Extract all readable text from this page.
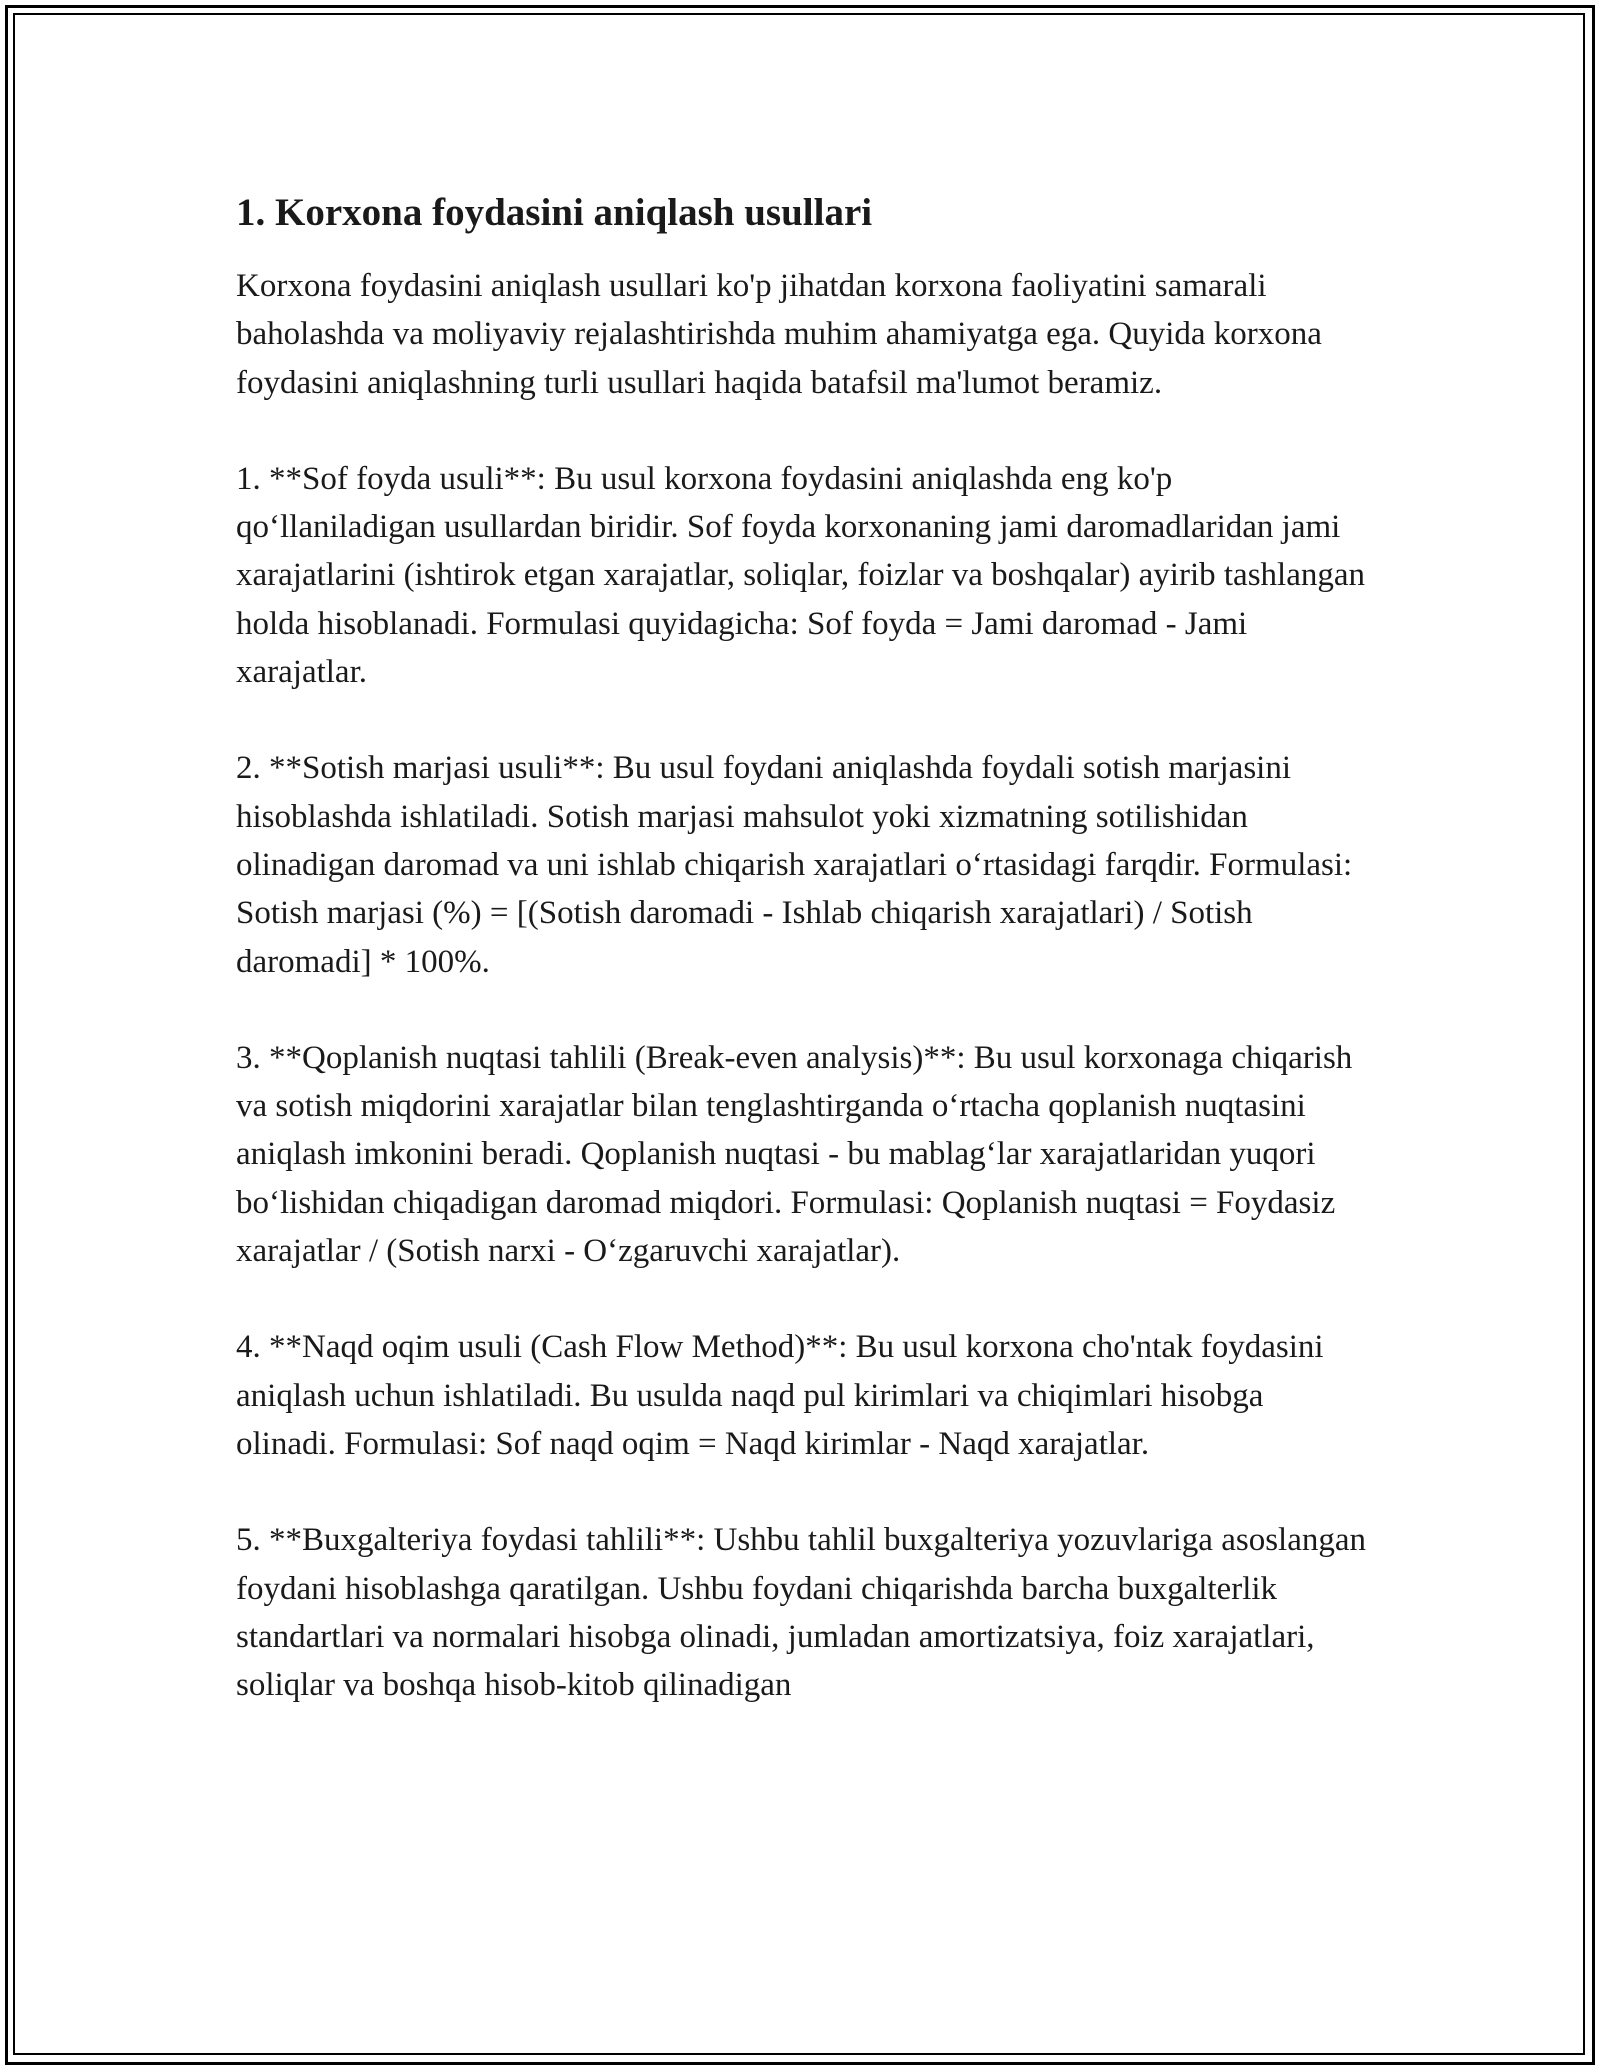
1. Korxona foydasini aniqlash usullari

Korxona foydasini aniqlash usullari ko'p jihatdan korxona faoliyatini samarali baholashda va moliyaviy rejalashtirishda muhim ahamiyatga ega. Quyida korxona foydasini aniqlashning turli usullari haqida batafsil ma'lumot beramiz.

1. **Sof foyda usuli**: Bu usul korxona foydasini aniqlashda eng ko'p qo‘llaniladigan usullardan biridir. Sof foyda korxonaning jami daromadlaridan jami xarajatlarini (ishtirok etgan xarajatlar, soliqlar, foizlar va boshqalar) ayirib tashlangan holda hisoblanadi. Formulasi quyidagicha: Sof foyda = Jami daromad - Jami xarajatlar.

2. **Sotish marjasi usuli**: Bu usul foydani aniqlashda foydali sotish marjasini hisoblashda ishlatiladi. Sotish marjasi mahsulot yoki xizmatning sotilishidan olinadigan daromad va uni ishlab chiqarish xarajatlari o‘rtasidagi farqdir. Formulasi: Sotish marjasi (%) = [(Sotish daromadi - Ishlab chiqarish xarajatlari) / Sotish daromadi] * 100%.

3. **Qoplanish nuqtasi tahlili (Break-even analysis)**: Bu usul korxonaga chiqarish va sotish miqdorini xarajatlar bilan tenglashtirganda o‘rtacha qoplanish nuqtasini aniqlash imkonini beradi. Qoplanish nuqtasi - bu mablag‘lar xarajatlaridan yuqori bo‘lishidan chiqadigan daromad miqdori. Formulasi: Qoplanish nuqtasi = Foydasiz xarajatlar / (Sotish narxi - O‘zgaruvchi xarajatlar).

4. **Naqd oqim usuli (Cash Flow Method)**: Bu usul korxona cho'ntak foydasini aniqlash uchun ishlatiladi. Bu usulda naqd pul kirimlari va chiqimlari hisobga olinadi. Formulasi: Sof naqd oqim = Naqd kirimlar - Naqd xarajatlar.

5. **Buxgalteriya foydasi tahlili**: Ushbu tahlil buxgalteriya yozuvlariga asoslangan foydani hisoblashga qaratilgan. Ushbu foydani chiqarishda barcha buxgalterlik standartlari va normalari hisobga olinadi, jumladan amortizatsiya, foiz xarajatlari, soliqlar va boshqa hisob-kitob qilinadigan
